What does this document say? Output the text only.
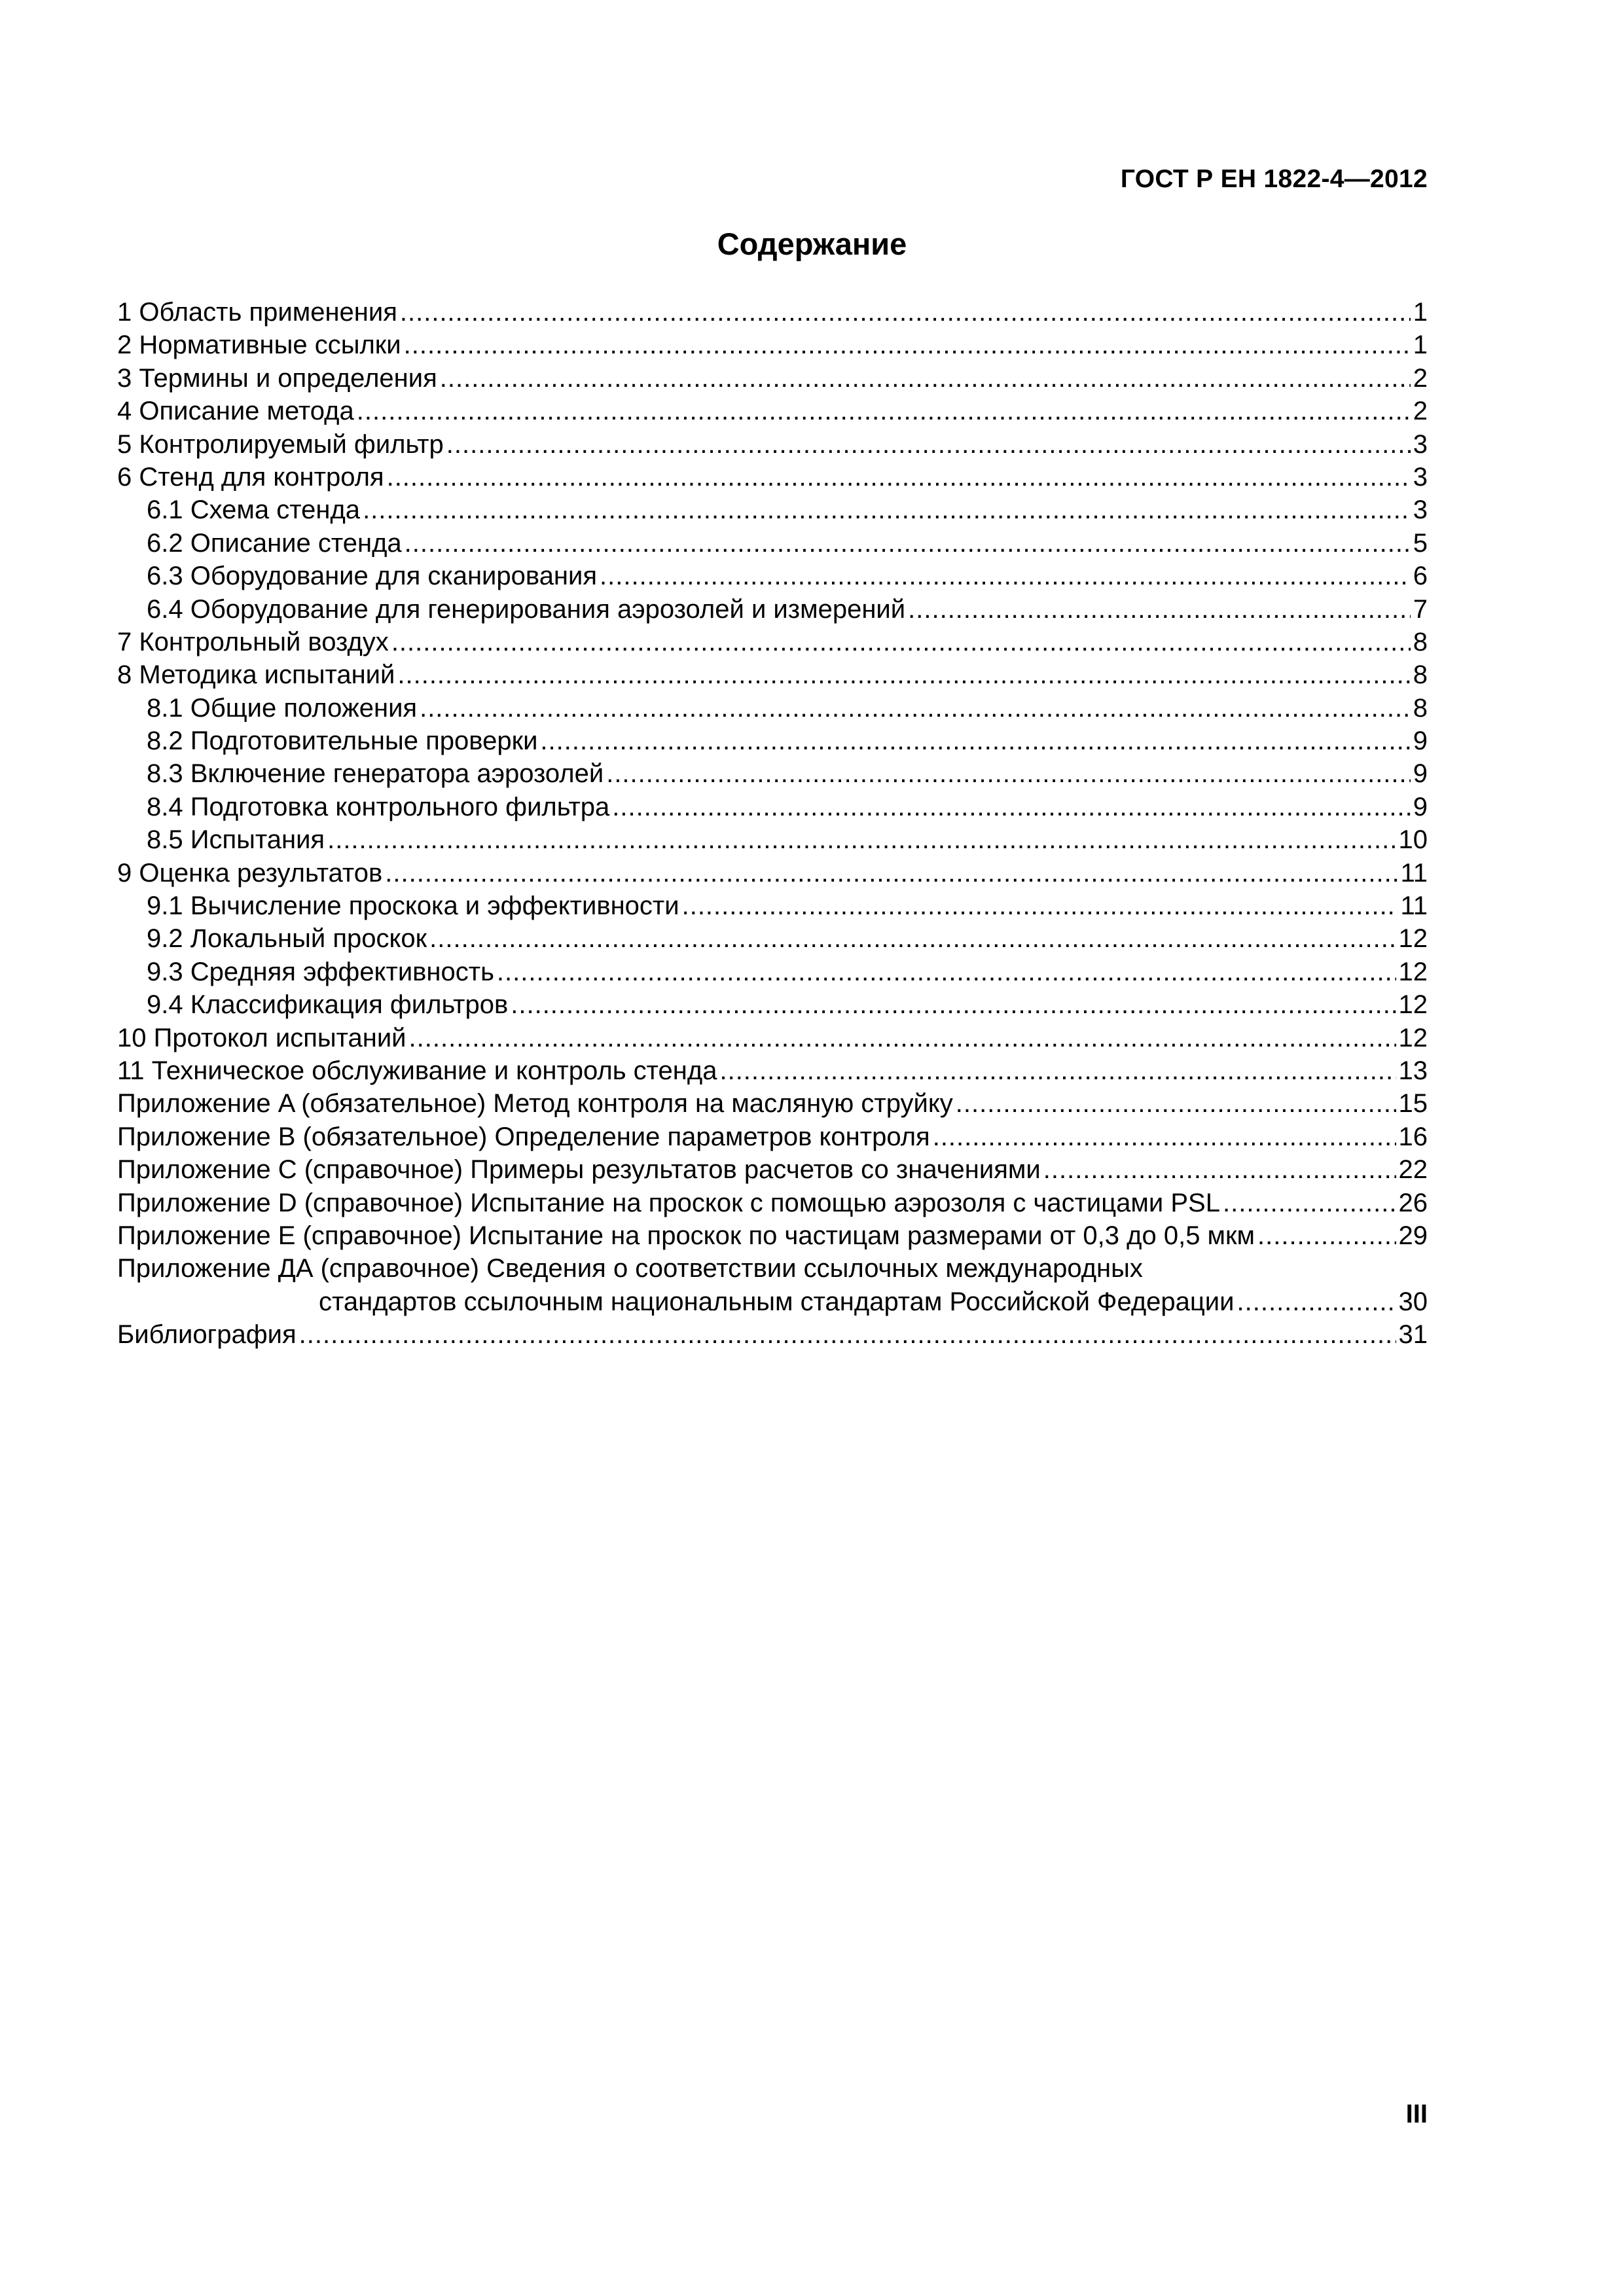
ГОСТ Р ЕН 1822-4—2012
Содержание
1 Область применения .....	1
2 Нормативные ссылки .....	1
3 Термины и определения .....	2
4 Описание метода .....	2
5 Контролируемый фильтр .....	3
6 Стенд для контроля .....	3
6.1 Схема стенда .....	3
6.2 Описание стенда .....	5
6.3 Оборудование для сканирования .....	6
6.4 Оборудование для генерирования аэрозолей и измерений .....	7
7 Контрольный воздух .....	8
8 Методика испытаний .....	8
8.1 Общие положения .....	8
8.2 Подготовительные проверки .....	9
8.3 Включение генератора аэрозолей .....	9
8.4 Подготовка контрольного фильтра .....	9
8.5 Испытания .....	10
9 Оценка результатов .....	11
9.1 Вычисление проскока и эффективности .....	11
9.2 Локальный проскок .....	12
9.3 Средняя эффективность .....	12
9.4 Классификация фильтров .....	12
10 Протокол испытаний .....	12
11 Техническое обслуживание и контроль стенда .....	13
Приложение A (обязательное) Метод контроля на масляную струйку .....	15
Приложение B (обязательное) Определение параметров контроля .....	16
Приложение C (справочное) Примеры результатов расчетов со значениями .....	22
Приложение D (справочное) Испытание на проскок с помощью аэрозоля с частицами PSL .....	26
Приложение E (справочное) Испытание на проскок по частицам размерами от 0,3 до 0,5 мкм .....	29
Приложение ДА (справочное) Сведения о соответствии ссылочных международных
стандартов ссылочным национальным стандартам Российской Федерации .....	30
Библиография .....	31
III
